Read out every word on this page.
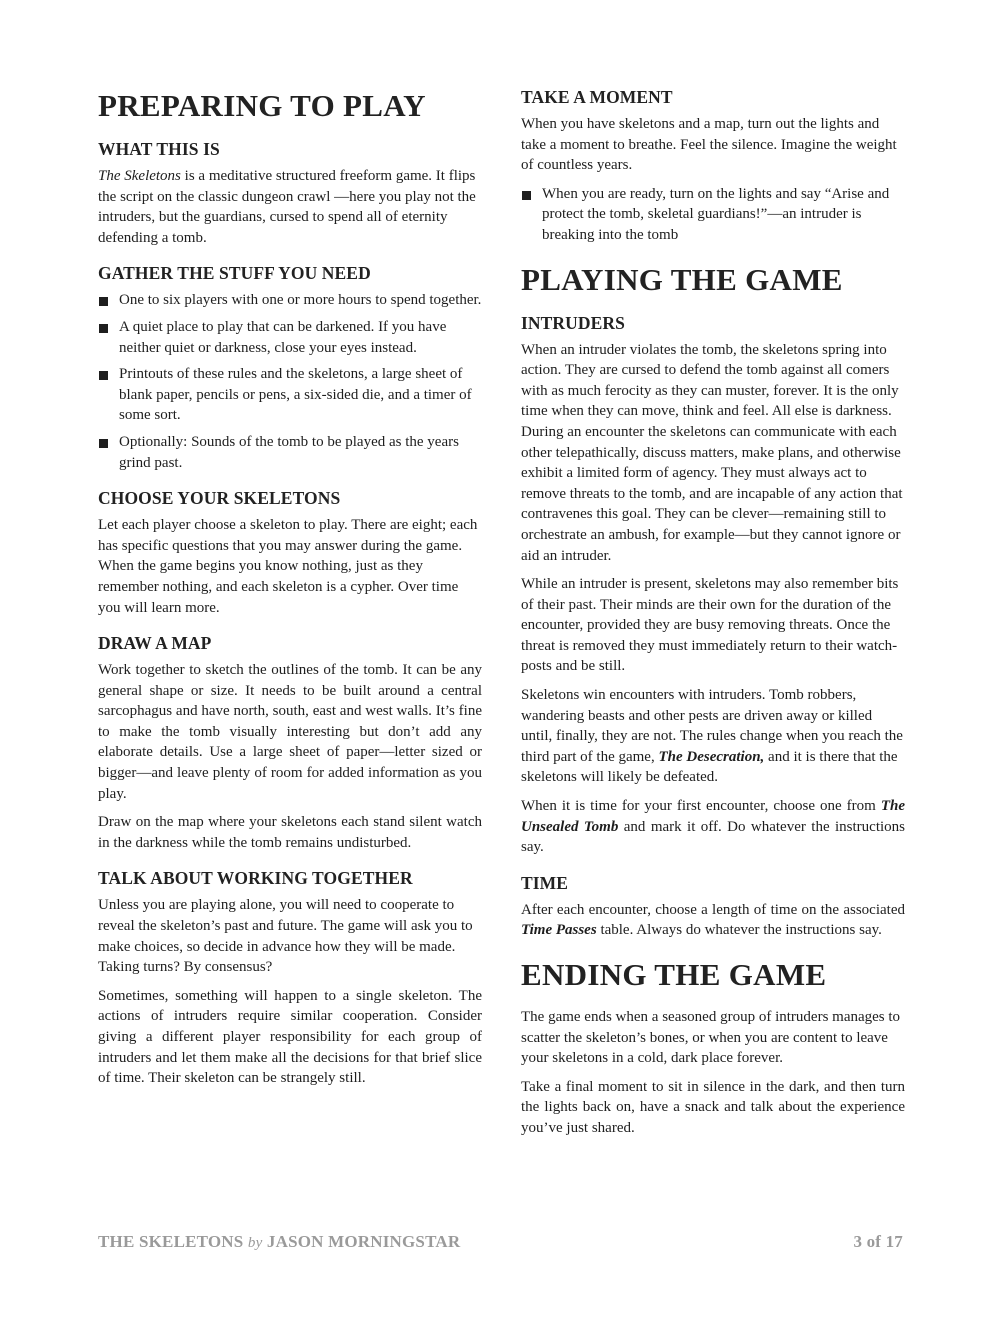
PREPARING TO PLAY
WHAT THIS IS

The Skeletons is a meditative structured freeform game. It flips the script on the classic dungeon crawl —here you play not the intruders, but the guardians, cursed to spend all of eternity defending a tomb.

GATHER THE STUFF YOU NEED
One to six players with one or more hours to spend together.
A quiet place to play that can be darkened. If you have neither quiet or darkness, close your eyes instead.
Printouts of these rules and the skeletons, a large sheet of blank paper, pencils or pens, a six-sided die, and a timer of some sort.
Optionally: Sounds of the tomb to be played as the years grind past.
CHOOSE YOUR SKELETONS

Let each player choose a skeleton to play. There are eight; each has specific questions that you may answer during the game. When the game begins you know nothing, just as they remember nothing, and each skeleton is a cypher. Over time you will learn more.

DRAW A MAP

Work together to sketch the outlines of the tomb. It can be any general shape or size. It needs to be built around a central sarcophagus and have north, south, east and west walls. It’s fine to make the tomb visually interesting but don’t add any elaborate details. Use a large sheet of paper—letter sized or bigger—and leave plenty of room for added information as you play.

Draw on the map where your skeletons each stand silent watch in the darkness while the tomb remains undisturbed.

TALK ABOUT WORKING TOGETHER

Unless you are playing alone, you will need to cooperate to reveal the skeleton’s past and future. The game will ask you to make choices, so decide in advance how they will be made. Taking turns? By consensus?

Sometimes, something will happen to a single skeleton. The actions of intruders require similar cooperation. Consider giving a different player responsibility for each group of intruders and let them make all the decisions for that brief slice of time. Their skeleton can be strangely still.

TAKE A MOMENT

When you have skeletons and a map, turn out the lights and take a moment to breathe. Feel the silence. Imagine the weight of countless years.

When you are ready, turn on the lights and say “Arise and protect the tomb, skeletal guardians!”—an intruder is breaking into the tomb
PLAYING THE GAME
INTRUDERS

When an intruder violates the tomb, the skeletons spring into action. They are cursed to defend the tomb against all comers with as much ferocity as they can muster, forever. It is the only time when they can move, think and feel. All else is darkness. During an encounter the skeletons can communicate with each other telepathically, discuss matters, make plans, and otherwise exhibit a limited form of agency. They must always act to remove threats to the tomb, and are incapable of any action that contravenes this goal. They can be clever—remaining still to orchestrate an ambush, for example—but they cannot ignore or aid an intruder.

While an intruder is present, skeletons may also remember bits of their past. Their minds are their own for the duration of the encounter, provided they are busy removing threats. Once the threat is removed they must immediately return to their watch-posts and be still.

Skeletons win encounters with intruders. Tomb robbers, wandering beasts and other pests are driven away or killed until, finally, they are not. The rules change when you reach the third part of the game, The Desecration, and it is there that the skeletons will likely be defeated.

When it is time for your first encounter, choose one from The Unsealed Tomb and mark it off. Do whatever the instructions say.

TIME

After each encounter, choose a length of time on the associated Time Passes table. Always do whatever the instructions say.

ENDING THE GAME

The game ends when a seasoned group of intruders manages to scatter the skeleton’s bones, or when you are content to leave your skeletons in a cold, dark place forever.

Take a final moment to sit in silence in the dark, and then turn the lights back on, have a snack and talk about the experience you’ve just shared.

THE SKELETONS by JASON MORNINGSTAR	3 of 17
